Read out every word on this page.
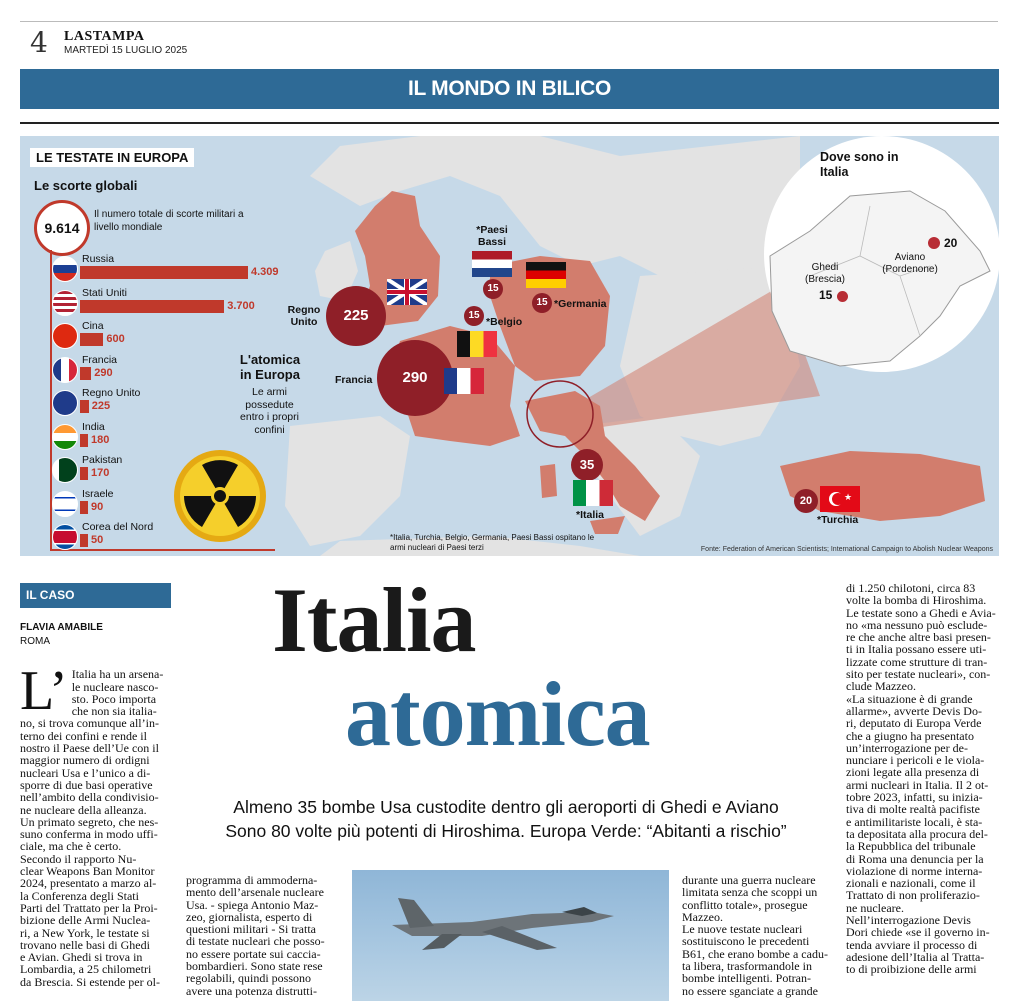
4 LASTAMPA
MARTEDÌ 15 LUGLIO 2025
IL MONDO IN BILICO
LE TESTATE IN EUROPA
Le scorte globali
9.614
Il numero totale di scorte militari a livello mondiale
Russia
4.309
Stati Uniti
3.700
Cina
600
Francia
290
Regno Unito
225
India
180
Pakistan
170
Israele
90
Corea del Nord
50
L'atomica in Europa
Le armi possedute entro i propri confini
Regno Unito	225
Francia	290
*Paesi Bassi
15
15 *Germania
15
*Belgio
35
*Italia
20	★
*Turchia
Dove sono in Italia
20
Aviano (Pordenone)
Ghedi (Brescia)
15
*Italia, Turchia, Belgio, Germania, Paesi Bassi ospitano le armi nucleari di Paesi terzi	Fonte: Federation of American Scientists; International Campaign to Abolish Nuclear Weapons
IL CASO
FLAVIA AMABILE
ROMA

L’ Italia ha un arsena-
le nucleare nasco-
sto. Poco importa
che non sia italia-
no, si trova comunque all’in-
terno dei confini e rende il
nostro il Paese dell’Ue con il
maggior numero di ordigni
nucleari Usa e l’unico a di-
sporre di due basi operative
nell’ambito della condivisio-
ne nucleare della alleanza.
Un primato segreto, che nes-
suno conferma in modo uffi-
ciale, ma che è certo.
Secondo il rapporto Nu-
clear Weapons Ban Monitor
2024, presentato a marzo al-
la Conferenza degli Stati
Parti del Trattato per la Proi-
bizione delle Armi Nuclea-
ri, a New York, le testate si
trovano nelle basi di Ghedi
e Avian. Ghedi si trova in
Lombardia, a 25 chilometri
da Brescia. Si estende per ol-

Italia
atomica
Almeno 35 bombe Usa custodite dentro gli aeroporti di Ghedi e Aviano
Sono 80 volte più potenti di Hiroshima. Europa Verde: “Abitanti a rischio”
programma di ammoderna-
mento dell’arsenale nucleare
Usa. - spiega Antonio Maz-
zeo, giornalista, esperto di
questioni militari - Si tratta
di testate nucleari che posso-
no essere portate sui caccia-
bombardieri. Sono state rese
regolabili, quindi possono
avere una potenza distrutti-
durante una guerra nucleare
limitata senza che scoppi un
conflitto totale», prosegue
Mazzeo.
Le nuove testate nucleari
sostituiscono le precedenti
B61, che erano bombe a cadu-
ta libera, trasformandole in
bombe intelligenti. Potran-
no essere sganciate a grande
di 1.250 chilotoni, circa 83
volte la bomba di Hiroshima.
Le testate sono a Ghedi e Avia-
no «ma nessuno può esclude-
re che anche altre basi presen-
ti in Italia possano essere uti-
lizzate come strutture di tran-
sito per testate nucleari», con-
clude Mazzeo.
«La situazione è di grande
allarme», avverte Devis Do-
ri, deputato di Europa Verde
che a giugno ha presentato
un’interrogazione per de-
nunciare i pericoli e le viola-
zioni legate alla presenza di
armi nucleari in Italia. Il 2 ot-
tobre 2023, infatti, su inizia-
tiva di molte realtà pacifiste
e antimilitariste locali, è sta-
ta depositata alla procura del-
la Repubblica del tribunale
di Roma una denuncia per la
violazione di norme interna-
zionali e nazionali, come il
Trattato di non proliferazio-
ne nucleare.
Nell’interrogazione Devis
Dori chiede «se il governo in-
tenda avviare il processo di
adesione dell’Italia al Tratta-
to di proibizione delle armi
